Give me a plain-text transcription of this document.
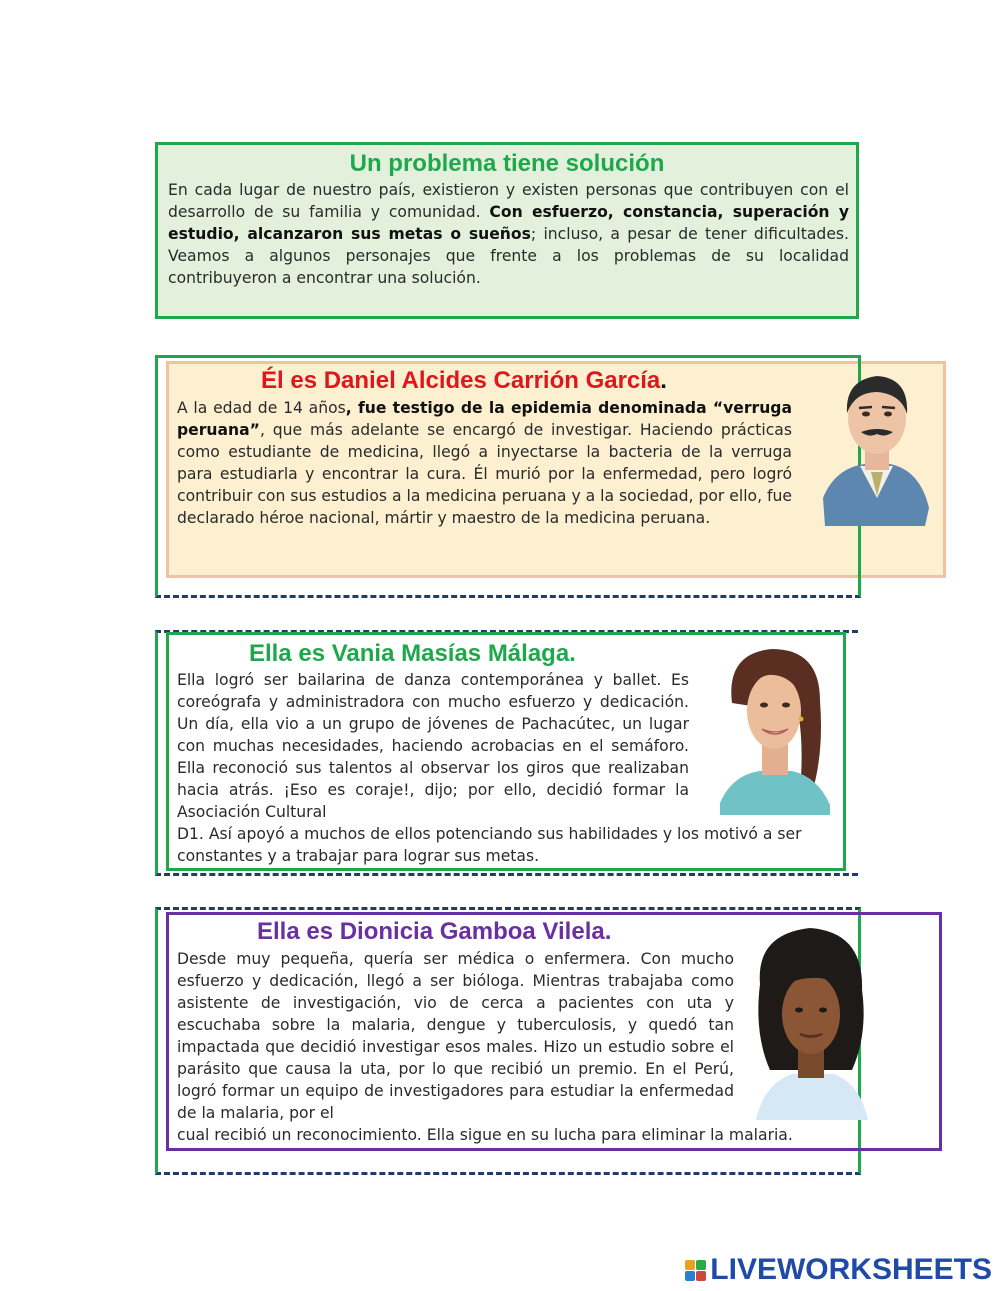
Un problema tiene solución

En cada lugar de nuestro país, existieron y existen personas que contribuyen con el desarrollo de su familia y comunidad. Con esfuerzo, constancia, superación y estudio, alcanzaron sus metas o sueños; incluso, a pesar de tener dificultades. Veamos a algunos personajes que frente a los problemas de su localidad contribuyeron a encontrar una solución.

Él es Daniel Alcides Carrión García.

A la edad de 14 años, fue testigo de la epidemia denominada “verruga peruana”, que más adelante se encargó de investigar. Haciendo prácticas como estudiante de medicina, llegó a inyectarse la bacteria de la verruga para estudiarla y encontrar la cura. Él murió por la enfermedad, pero logró contribuir con sus estudios a la medicina peruana y a la sociedad, por ello, fue declarado héroe nacional, mártir y maestro de la medicina peruana.

Ella es Vania Masías Málaga.

Ella logró ser bailarina de danza contemporánea y ballet. Es coreógrafa y administradora con mucho esfuerzo y dedicación. Un día, ella vio a un grupo de jóvenes de Pachacútec, un lugar con muchas necesidades, haciendo acrobacias en el semáforo. Ella reconoció sus talentos al observar los giros que realizaban hacia atrás. ¡Eso es coraje!, dijo; por ello, decidió formar la Asociación Cultural

D1. Así apoyó a muchos de ellos potenciando sus habilidades y los motivó a ser constantes y a trabajar para lograr sus metas.

Ella es Dionicia Gamboa Vilela.

Desde muy pequeña, quería ser médica o enfermera. Con mucho esfuerzo y dedicación, llegó a ser bióloga. Mientras trabajaba como asistente de investigación, vio de cerca a pacientes con uta y escuchaba sobre la malaria, dengue y tuberculosis, y quedó tan impactada que decidió investigar esos males. Hizo un estudio sobre el parásito que causa la uta, por lo que recibió un premio. En el Perú, logró formar un equipo de investigadores para estudiar la enfermedad de la malaria, por el

cual recibió un reconocimiento. Ella sigue en su lucha para eliminar la malaria.

LIVEWORKSHEETS
